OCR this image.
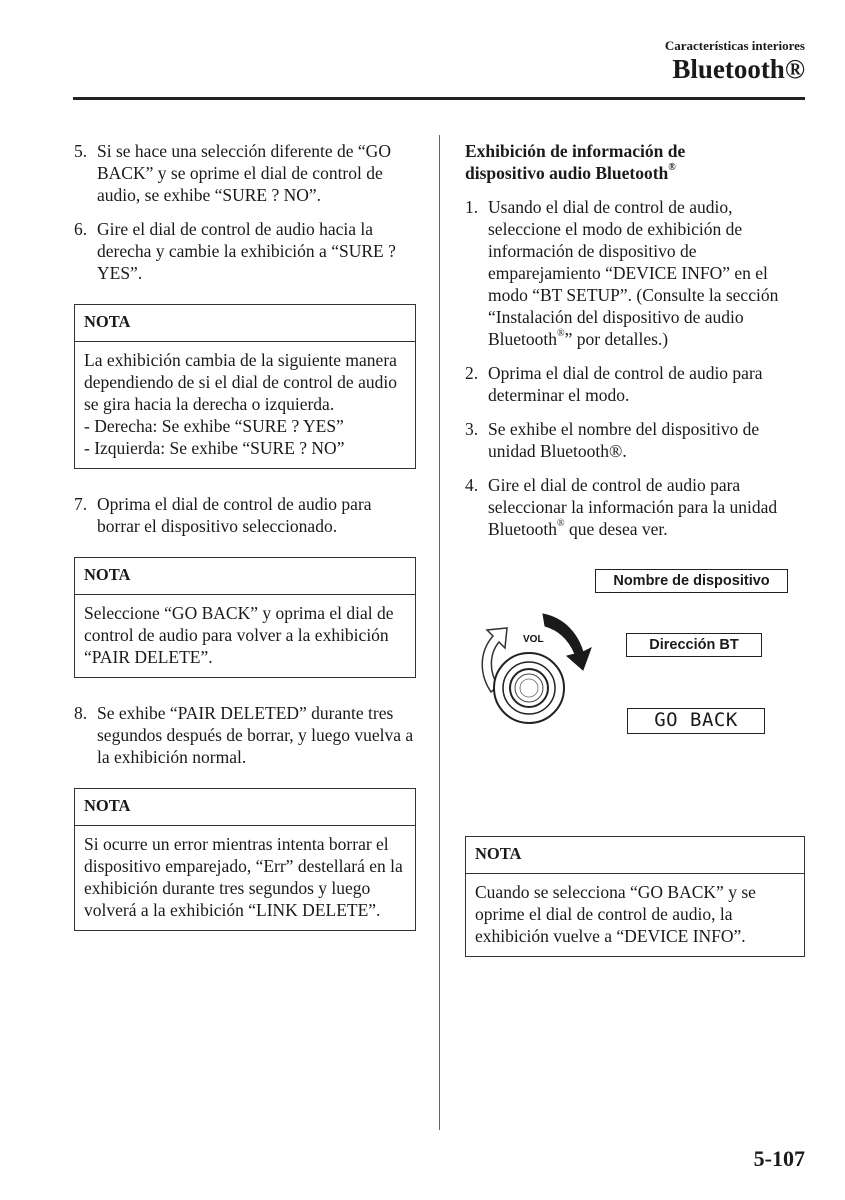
Características interiores
Bluetooth®
5. Si se hace una selección diferente de “GO BACK” y se oprime el dial de control de audio, se exhibe “SURE ? NO”.
6. Gire el dial de control de audio hacia la derecha y cambie la exhibición a “SURE ? YES”.
NOTA
La exhibición cambia de la siguiente manera dependiendo de si el dial de control de audio se gira hacia la derecha o izquierda.
- Derecha: Se exhibe “SURE ? YES”
- Izquierda: Se exhibe “SURE ? NO”
7. Oprima el dial de control de audio para borrar el dispositivo seleccionado.
NOTA
Seleccione “GO BACK” y oprima el dial de control de audio para volver a la exhibición “PAIR DELETE”.
8. Se exhibe “PAIR DELETED” durante tres segundos después de borrar, y luego vuelva a la exhibición normal.
NOTA
Si ocurre un error mientras intenta borrar el dispositivo emparejado, “Err” destellará en la exhibición durante tres segundos y luego volverá a la exhibición “LINK DELETE”.
Exhibición de información de
dispositivo audio Bluetooth®
1. Usando el dial de control de audio, seleccione el modo de exhibición de información de dispositivo de emparejamiento “DEVICE INFO” en el modo “BT SETUP”. (Consulte la sección “Instalación del dispositivo de audio Bluetooth®” por detalles.)
2. Oprima el dial de control de audio para determinar el modo.
3. Se exhibe el nombre del dispositivo de unidad Bluetooth®.
4. Gire el dial de control de audio para seleccionar la información para la unidad Bluetooth® que desea ver.
VOL
Nombre de dispositivo
Dirección BT
GO BACK
NOTA
Cuando se selecciona “GO BACK” y se oprime el dial de control de audio, la exhibición vuelve a “DEVICE INFO”.
5-107
